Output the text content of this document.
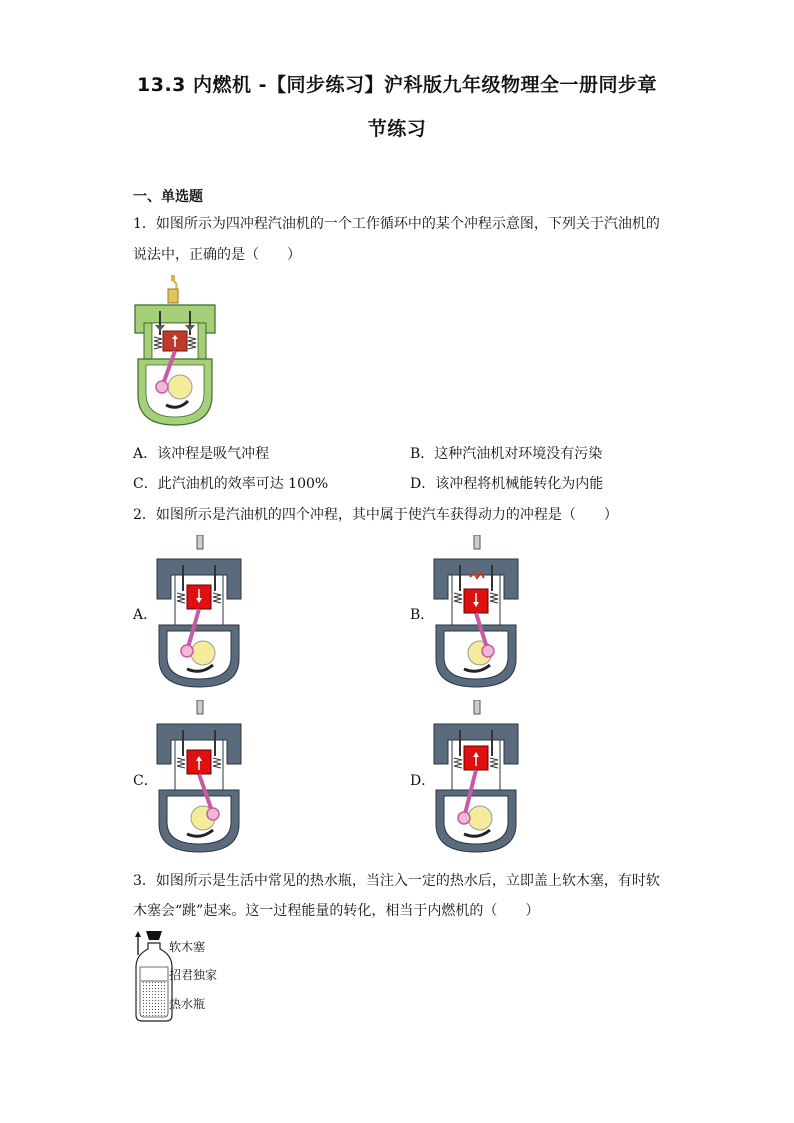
13.3 内燃机 -【同步练习】沪科版九年级物理全一册同步章
节练习
一、单选题
1．如图所示为四冲程汽油机的一个工作循环中的某个冲程示意图，下列关于汽油机的
说法中，正确的是（　　）
A．该冲程是吸气冲程	B．这种汽油机对环境没有污染
C．此汽油机的效率可达 100%	D．该冲程将机械能转化为内能
2．如图所示是汽油机的四个冲程，其中属于使汽车获得动力的冲程是（　　）
A．	B．
C．	D．
3．如图所示是生活中常见的热水瓶，当注入一定的热水后，立即盖上软木塞，有时软
木塞会“跳”起来。这一过程能量的转化，相当于内燃机的（　　）
软木塞
招君独家
热水瓶
